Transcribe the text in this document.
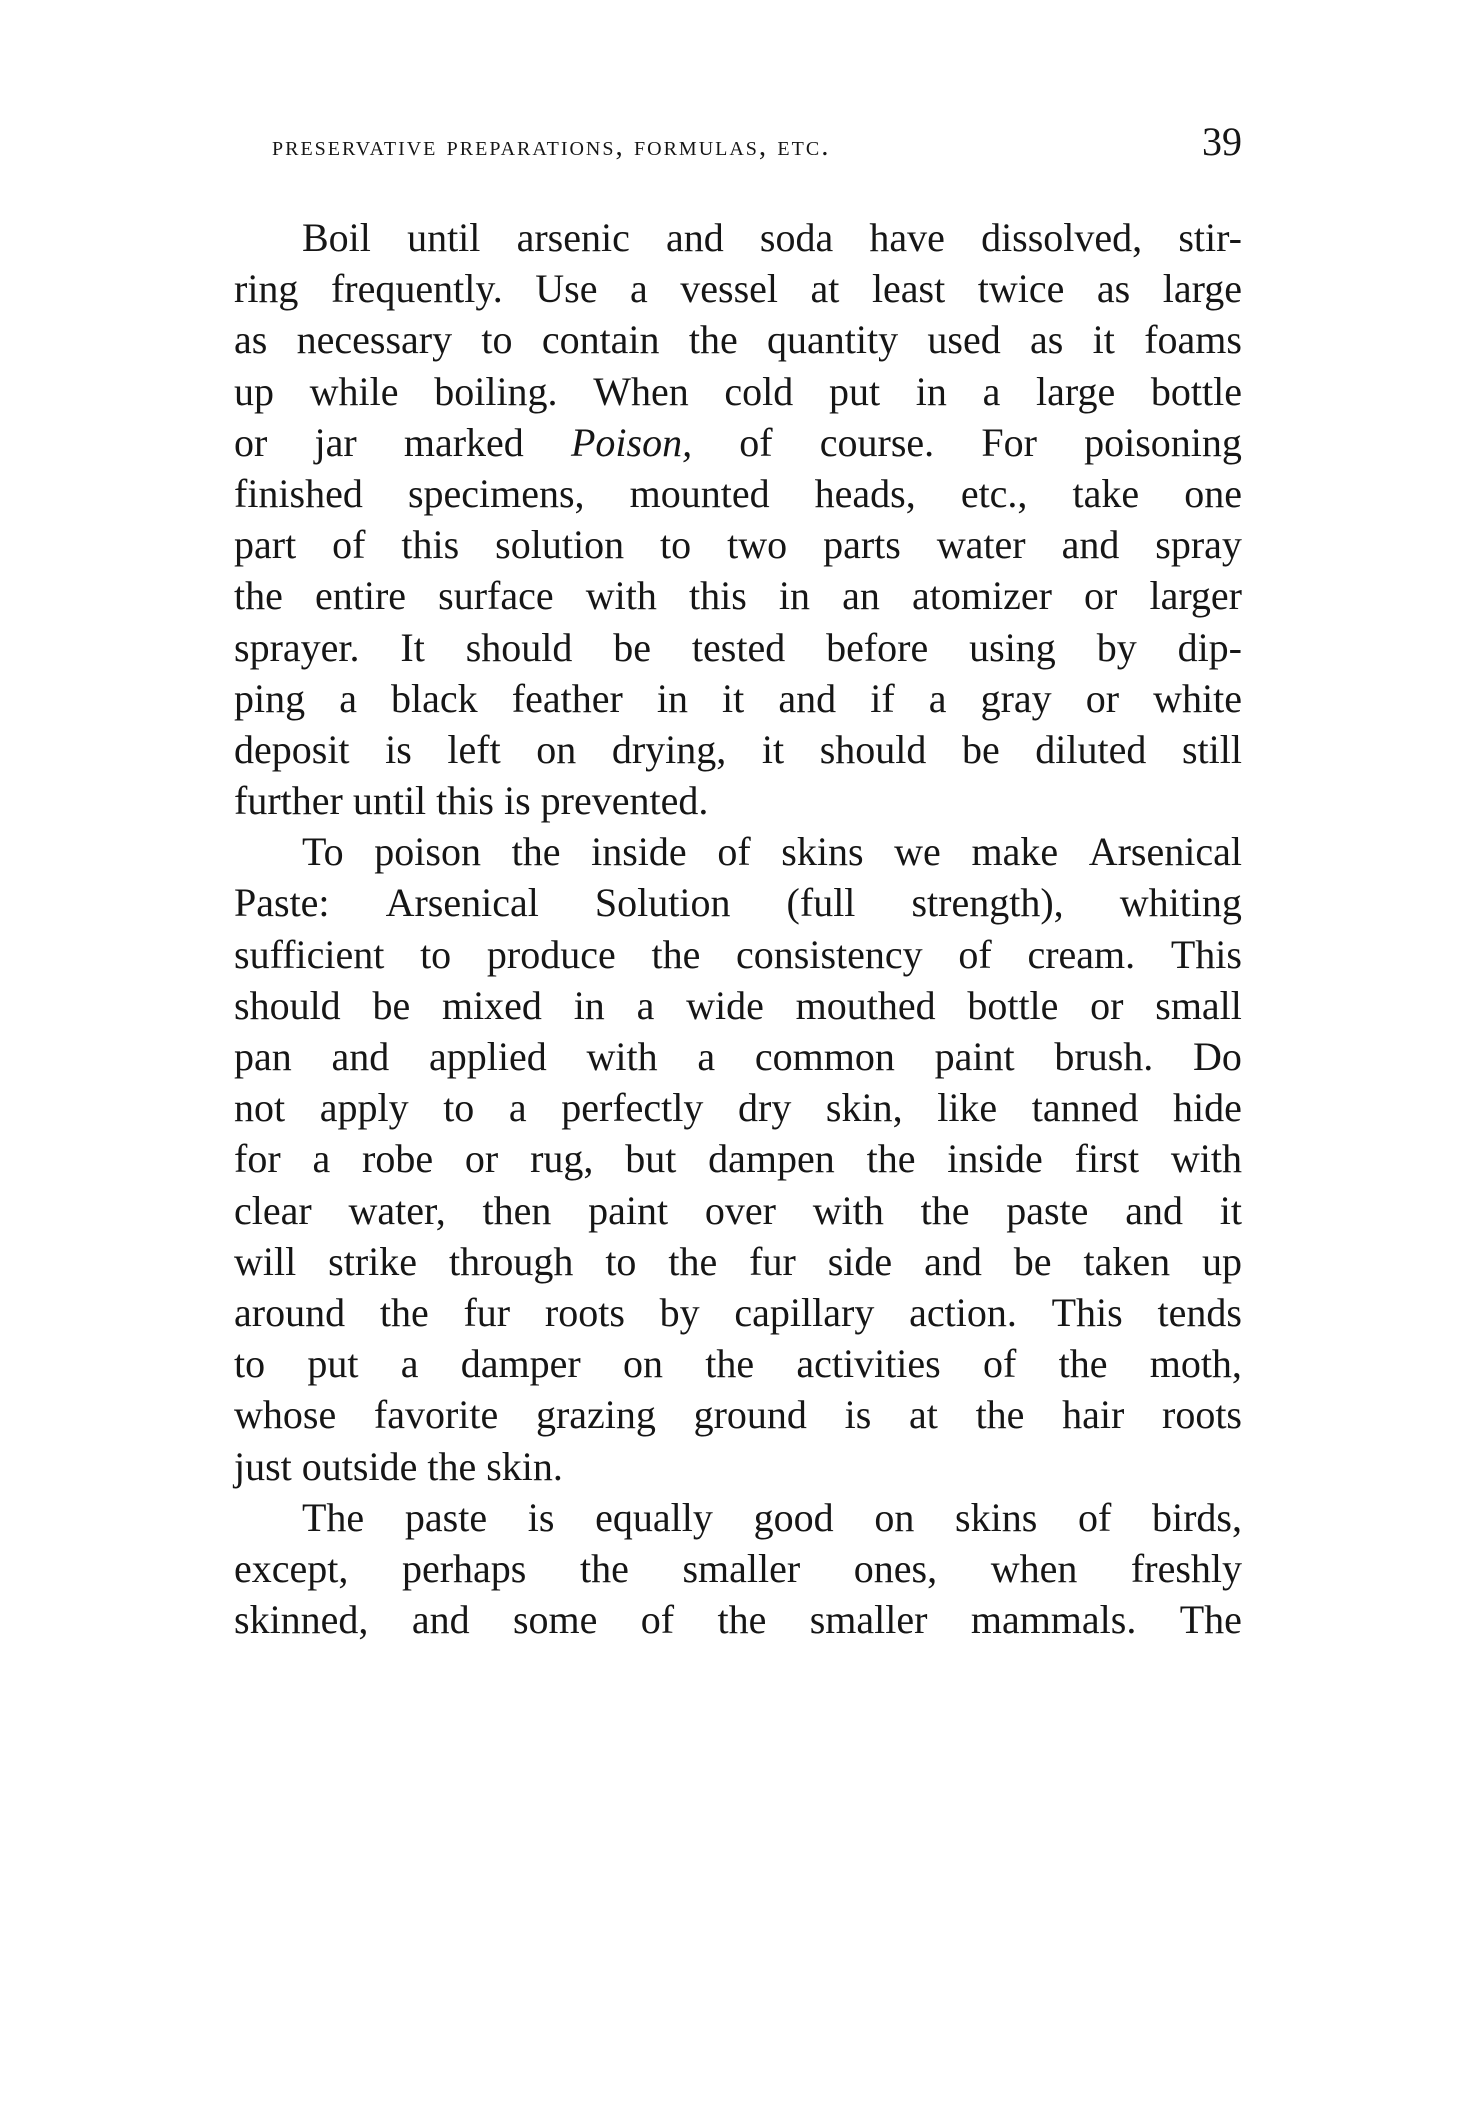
preservative preparations, formulas, etc.	39
Boil until arsenic and soda have dissolved, stir-
ring frequently. Use a vessel at least twice as large
as necessary to contain the quantity used as it foams
up while boiling. When cold put in a large bottle
or jar marked Poison, of course. For poisoning
finished specimens, mounted heads, etc., take one
part of this solution to two parts water and spray
the entire surface with this in an atomizer or larger
sprayer. It should be tested before using by dip-
ping a black feather in it and if a gray or white
deposit is left on drying, it should be diluted still
further
until
this
is
prevented.
To poison the inside of skins we make Arsenical
Paste: Arsenical Solution (full strength), whiting
sufficient to produce the consistency of cream. This
should be mixed in a wide mouthed bottle or small
pan and applied with a common paint brush. Do
not apply to a perfectly dry skin, like tanned hide
for a robe or rug, but dampen the inside first with
clear water, then paint over with the paste and it
will strike through to the fur side and be taken up
around the fur roots by capillary action. This tends
to put a damper on the activities of the moth,
whose favorite grazing ground is at the hair roots
just
outside
the
skin.
The paste is equally good on skins of birds,
except, perhaps the smaller ones, when freshly
skinned, and some of the smaller mammals. The
